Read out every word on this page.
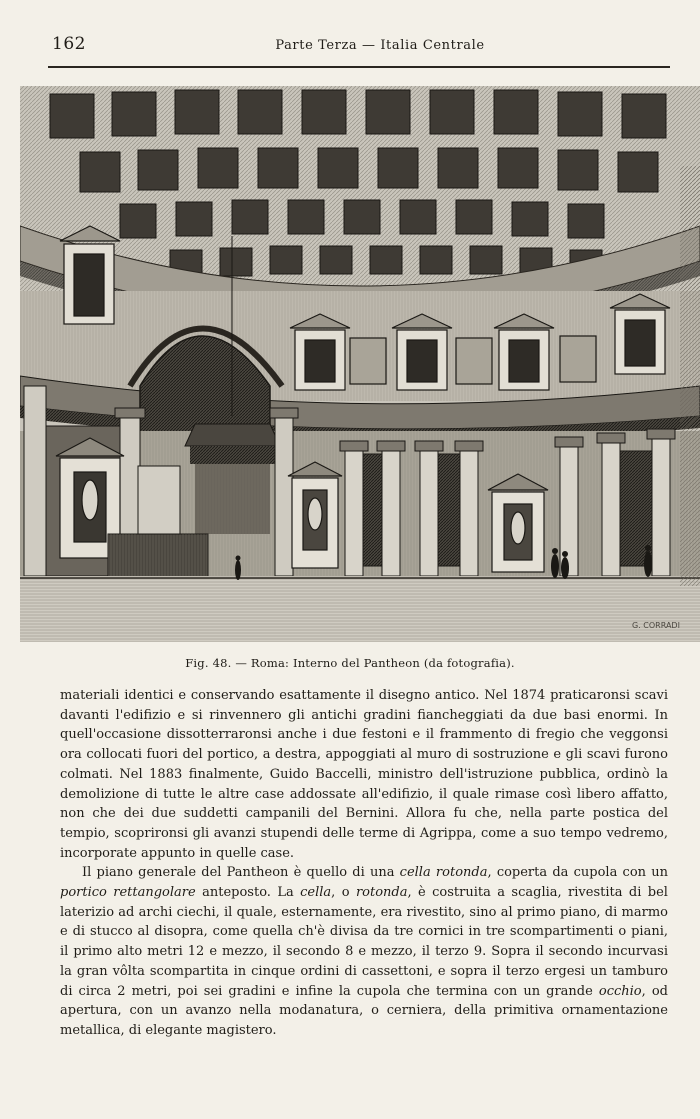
162	Parte Terza — Italia Centrale
G. CORRADI
Fig. 48. — Roma: Interno del Pantheon (da fotografia).

materiali identici e conservando esattamente il disegno antico. Nel 1874 praticaronsi scavi davanti l'edifizio e si rinvennero gli antichi gradini fiancheggiati da due basi enormi. In quell'occasione dissotterraronsi anche i due festoni e il frammento di fregio che veggonsi ora collocati fuori del portico, a destra, appoggiati al muro di sostruzione e gli scavi furono colmati. Nel 1883 finalmente, Guido Baccelli, ministro dell'istruzione pubblica, ordinò la demolizione di tutte le altre case addossate all'edifizio, il quale rimase così libero affatto, non che dei due suddetti campanili del Bernini. Allora fu che, nella parte postica del tempio, scoprironsi gli avanzi stupendi delle terme di Agrippa, come a suo tempo vedremo, incorporate appunto in quelle case.

Il piano generale del Pantheon è quello di una cella rotonda, coperta da cupola con un portico rettangolare anteposto. La cella, o rotonda, è costruita a scaglia, rivestita di bel laterizio ad archi ciechi, il quale, esternamente, era rivestito, sino al primo piano, di marmo e di stucco al disopra, come quella ch'è divisa da tre cornici in tre scompartimenti o piani, il primo alto metri 12 e mezzo, il secondo 8 e mezzo, il terzo 9. Sopra il secondo incurvasi la gran vôlta scompartita in cinque ordini di cassettoni, e sopra il terzo ergesi un tamburo di circa 2 metri, poi sei gradini e infine la cupola che termina con un grande occhio, od apertura, con un avanzo nella modanatura, o cerniera, della primitiva ornamentazione metallica, di elegante magistero.
